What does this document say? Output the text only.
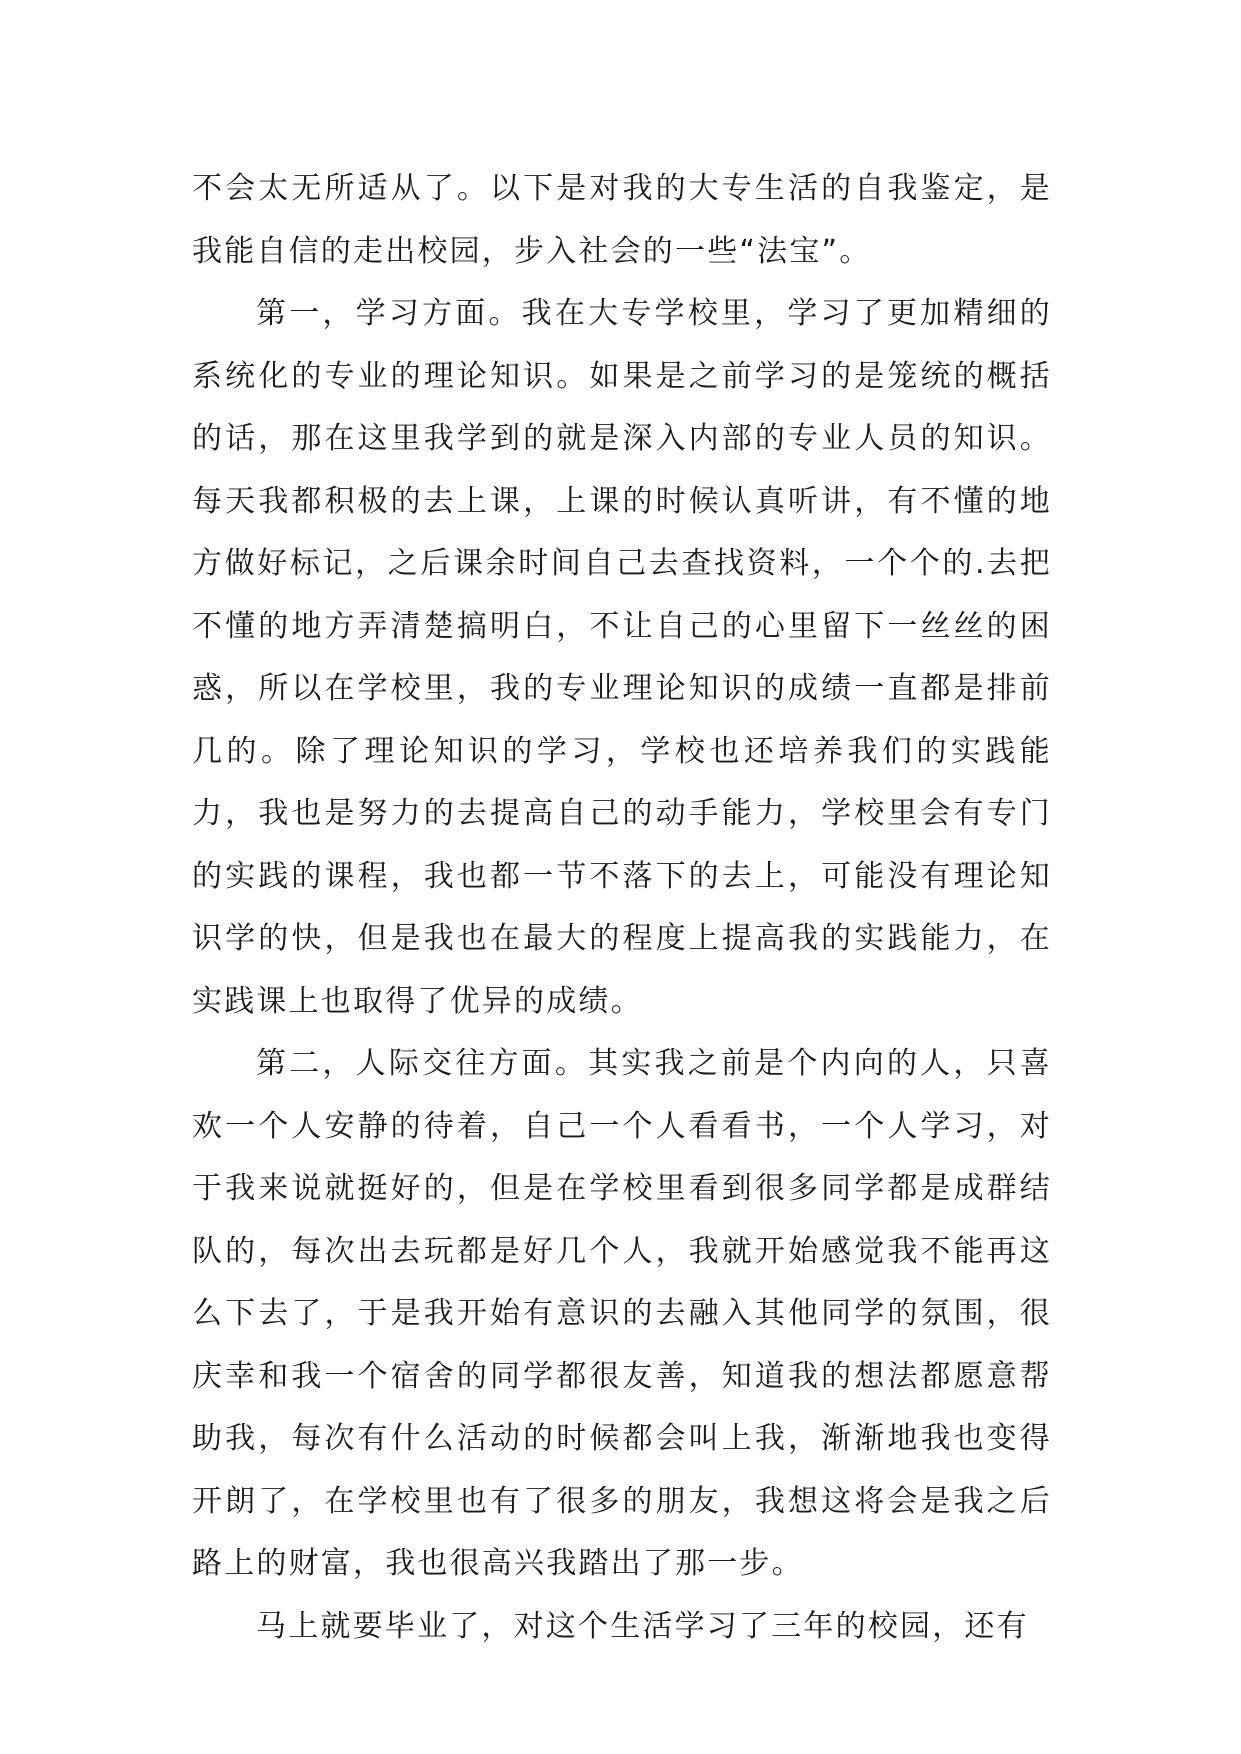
不会太无所适从了。以下是对我的大专生活的自我鉴定，是我能自信的走出校园，步入社会的一些“法宝”。

第一，学习方面。我在大专学校里，学习了更加精细的系统化的专业的理论知识。如果是之前学习的是笼统的概括的话，那在这里我学到的就是深入内部的专业人员的知识。每天我都积极的去上课，上课的时候认真听讲，有不懂的地方做好标记，之后课余时间自己去查找资料，一个个的.去把不懂的地方弄清楚搞明白，不让自己的心里留下一丝丝的困惑，所以在学校里，我的专业理论知识的成绩一直都是排前几的。除了理论知识的学习，学校也还培养我们的实践能力，我也是努力的去提高自己的动手能力，学校里会有专门的实践的课程，我也都一节不落下的去上，可能没有理论知识学的快，但是我也在最大的程度上提高我的实践能力，在实践课上也取得了优异的成绩。

第二，人际交往方面。其实我之前是个内向的人，只喜欢一个人安静的待着，自己一个人看看书，一个人学习，对于我来说就挺好的，但是在学校里看到很多同学都是成群结队的，每次出去玩都是好几个人，我就开始感觉我不能再这么下去了，于是我开始有意识的去融入其他同学的氛围，很庆幸和我一个宿舍的同学都很友善，知道我的想法都愿意帮助我，每次有什么活动的时候都会叫上我，渐渐地我也变得开朗了，在学校里也有了很多的朋友，我想这将会是我之后路上的财富，我也很高兴我踏出了那一步。

马上就要毕业了，对这个生活学习了三年的校园，还有
